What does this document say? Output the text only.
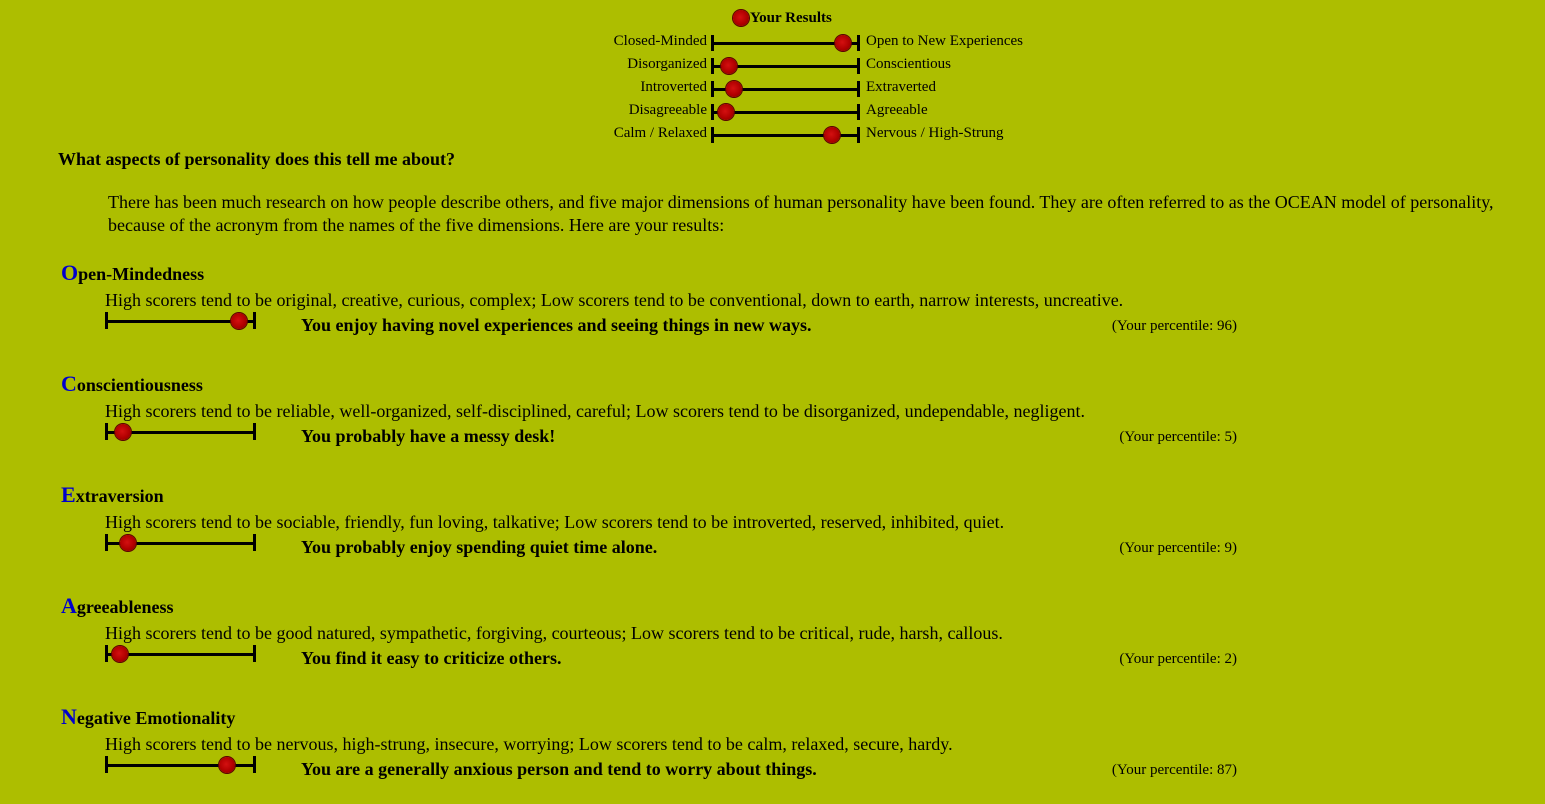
Your Results
Closed-Minded	Open to New Experiences
Disorganized	Conscientious
Introverted	Extraverted
Disagreeable	Agreeable
Calm / Relaxed	Nervous / High-Strung
What aspects of personality does this tell me about?
There has been much research on how people describe others, and five major dimensions of human personality have been found. They are often referred to as the OCEAN model of personality, because of the acronym from the names of the five dimensions. Here are your results:
Open-Mindedness
High scorers tend to be original, creative, curious, complex; Low scorers tend to be conventional, down to earth, narrow interests, uncreative.
You enjoy having novel experiences and seeing things in new ways.	(Your percentile: 96)
Conscientiousness
High scorers tend to be reliable, well-organized, self-disciplined, careful; Low scorers tend to be disorganized, undependable, negligent.
You probably have a messy desk!	(Your percentile: 5)
Extraversion
High scorers tend to be sociable, friendly, fun loving, talkative; Low scorers tend to be introverted, reserved, inhibited, quiet.
You probably enjoy spending quiet time alone.	(Your percentile: 9)
Agreeableness
High scorers tend to be good natured, sympathetic, forgiving, courteous; Low scorers tend to be critical, rude, harsh, callous.
You find it easy to criticize others.	(Your percentile: 2)
Negative Emotionality
High scorers tend to be nervous, high-strung, insecure, worrying; Low scorers tend to be calm, relaxed, secure, hardy.
You are a generally anxious person and tend to worry about things.	(Your percentile: 87)
